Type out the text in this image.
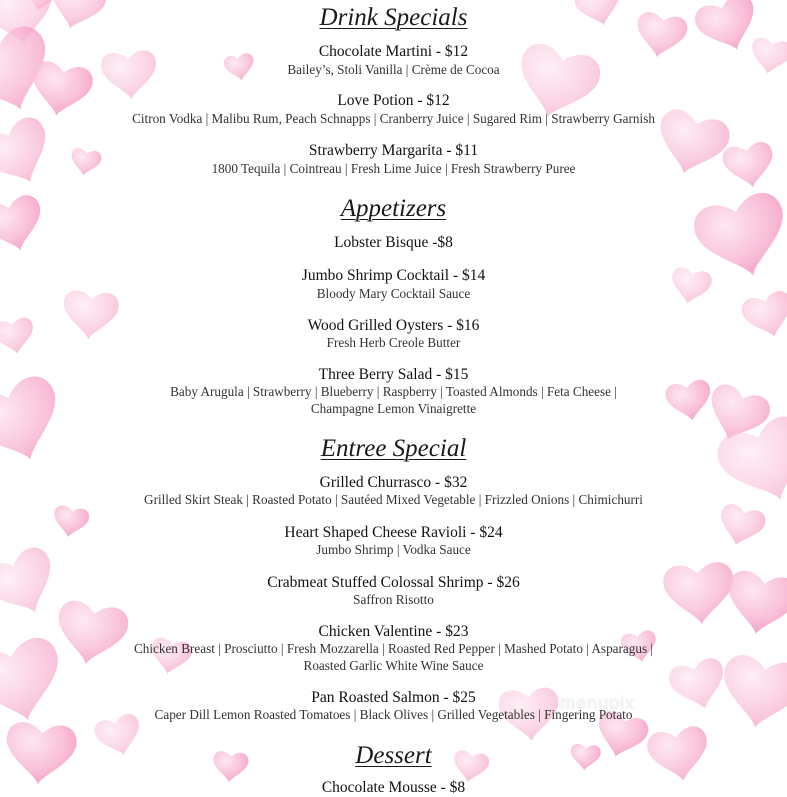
Drink Specials
Chocolate Martini - $12
Bailey’s, Stoli Vanilla | Crème de Cocoa
Love Potion - $12
Citron Vodka | Malibu Rum, Peach Schnapps | Cranberry Juice | Sugared Rim | Strawberry Garnish
Strawberry Margarita - $11
1800 Tequila | Cointreau | Fresh Lime Juice | Fresh Strawberry Puree
Appetizers
Lobster Bisque -$8
Jumbo Shrimp Cocktail - $14
Bloody Mary Cocktail Sauce
Wood Grilled Oysters - $16
Fresh Herb Creole Butter
Three Berry Salad - $15
Baby Arugula | Strawberry | Blueberry | Raspberry | Toasted Almonds | Feta Cheese |
Champagne Lemon Vinaigrette
Entree Special
Grilled Churrasco - $32
Grilled Skirt Steak | Roasted Potato | Sautéed Mixed Vegetable | Frizzled Onions | Chimichurri
Heart Shaped Cheese Ravioli - $24
Jumbo Shrimp | Vodka Sauce
Crabmeat Stuffed Colossal Shrimp - $26
Saffron Risotto
Chicken Valentine - $23
Chicken Breast | Prosciutto | Fresh Mozzarella | Roasted Red Pepper | Mashed Potato | Asparagus |
Roasted Garlic White Wine Sauce
Pan Roasted Salmon - $25
Caper Dill Lemon Roasted Tomatoes | Black Olives | Grilled Vegetables | Fingering Potato
Dessert
Chocolate Mousse - $8
menupix
